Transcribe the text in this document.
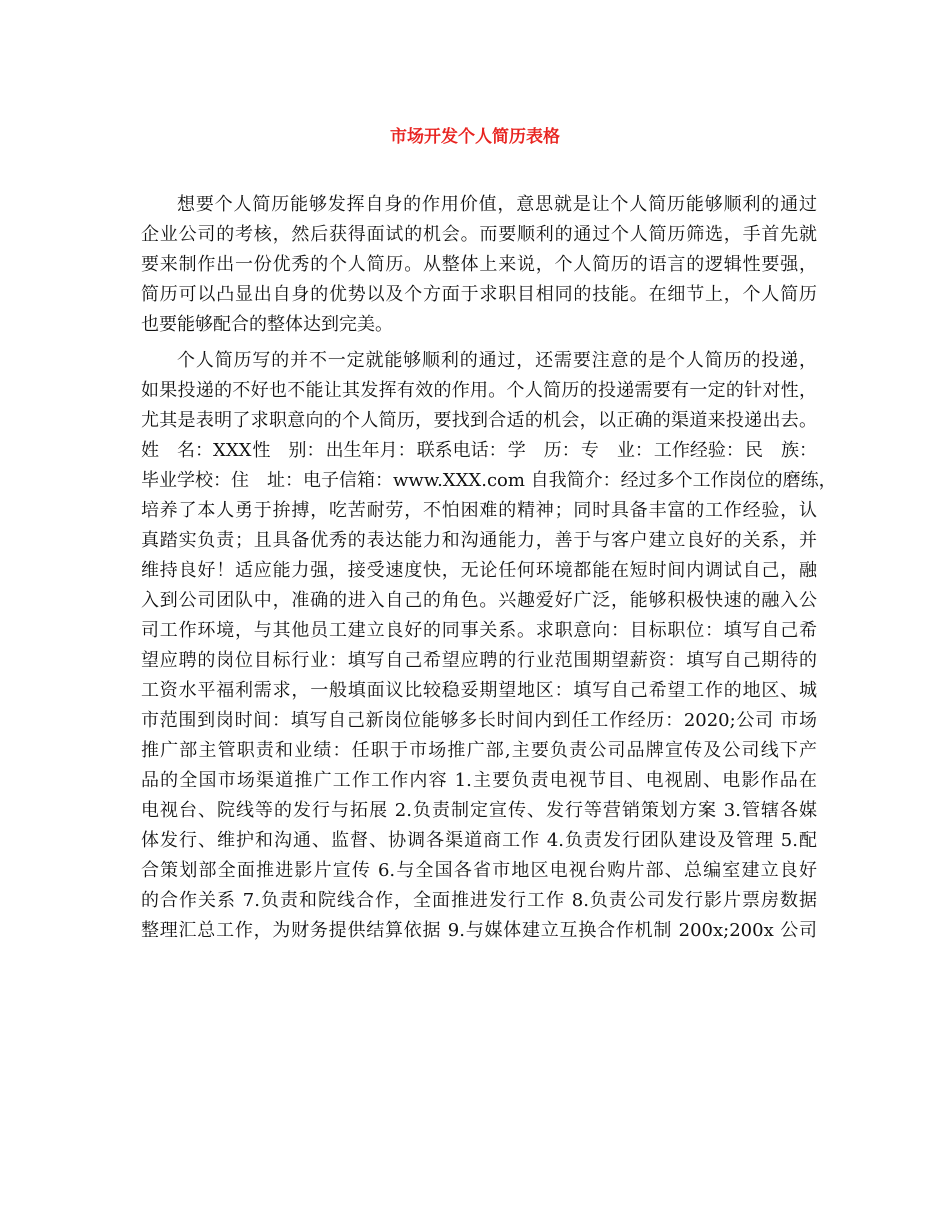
市场开发个人简历表格
想要个人简历能够发挥自身的作用价值，意思就是让个人简历能够顺利的通过
企业公司的考核，然后获得面试的机会。而要顺利的通过个人简历筛选，手首先就
要来制作出一份优秀的个人简历。从整体上来说，个人简历的语言的逻辑性要强，
简历可以凸显出自身的优势以及个方面于求职目相同的技能。在细节上，个人简历
也要能够配合的整体达到完美。
个人简历写的并不一定就能够顺利的通过，还需要注意的是个人简历的投递，
如果投递的不好也不能让其发挥有效的作用。个人简历的投递需要有一定的针对性，
尤其是表明了求职意向的个人简历，要找到合适的机会，以正确的渠道来投递出去。
姓　名：XXX 性　别： 出生年月： 联系电话： 学　历： 专　业： 工作经验： 民　族：
毕业学校：住　址：电子信箱：www.XXX.com 自我简介：经过多个工作岗位的磨练，
培养了本人勇于拚搏，吃苦耐劳，不怕困难的精神；同时具备丰富的工作经验，认
真踏实负责；且具备优秀的表达能力和沟通能力，善于与客户建立良好的关系，并
维持良好！适应能力强，接受速度快，无论任何环境都能在短时间内调试自己，融
入到公司团队中，准确的进入自己的角色。兴趣爱好广泛，能够积极快速的融入公
司工作环境，与其他员工建立良好的同事关系。求职意向：目标职位：填写自己希
望应聘的岗位目标行业：填写自己希望应聘的行业范围期望薪资：填写自己期待的
工资水平福利需求，一般填面议比较稳妥期望地区：填写自己希望工作的地区、城
市范围到岗时间：填写自己新岗位能够多长时间内到任工作经历：2020;公司 市场
推广部主管职责和业绩：任职于市场推广部,主要负责公司品牌宣传及公司线下产
品的全国市场渠道推广工作工作内容 1.主要负责电视节目、电视剧、电影作品在
电视台、院线等的发行与拓展 2.负责制定宣传、发行等营销策划方案 3.管辖各媒
体发行、维护和沟通、监督、协调各渠道商工作 4.负责发行团队建设及管理 5.配
合策划部全面推进影片宣传 6.与全国各省市地区电视台购片部、总编室建立良好
的合作关系 7.负责和院线合作，全面推进发行工作 8.负责公司发行影片票房数据
整理汇总工作，为财务提供结算依据 9.与媒体建立互换合作机制 200x;200x 公司
